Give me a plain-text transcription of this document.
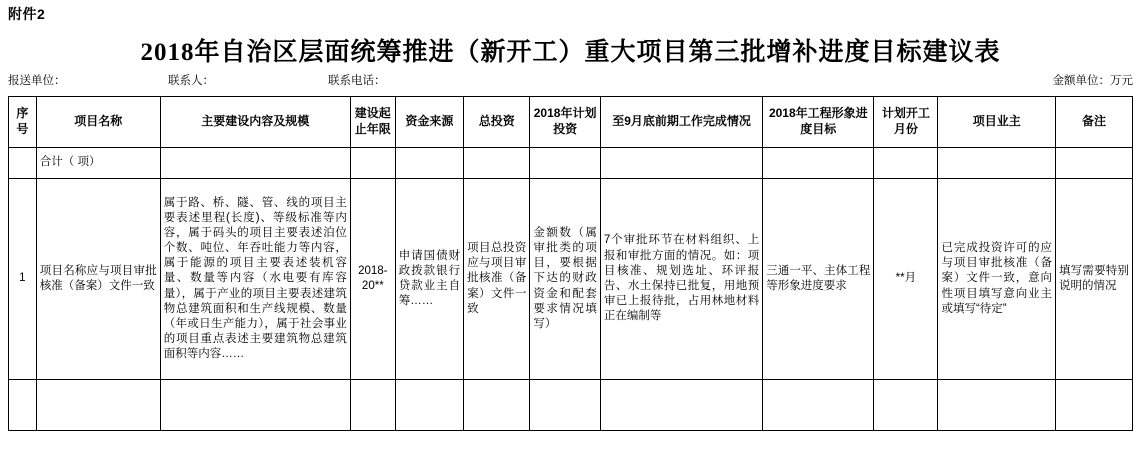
附件2
2018年自治区层面统筹推进（新开工）重大项目第三批增补进度目标建议表
报送单位：	联系人：	联系电话：	金额单位：万元
序号	项目名称	主要建设内容及规模	建设起止年限	资金来源	总投资	2018年计划投资	至9月底前期工作完成情况	2018年工程形象进度目标	计划开工月份	项目业主	备注
	合计（ 项）										
1	项目名称应与项目审批核准（备案）文件一致	属于路、桥、隧、管、线的项目主要表述里程(长度)、等级标准等内容，属于码头的项目主要表述泊位个数、吨位、年吞吐能力等内容，属于能源的项目主要表述装机容量、数量等内容（水电要有库容量），属于产业的项目主要表述建筑物总建筑面积和生产线规模、数量（年或日生产能力），属于社会事业的项目重点表述主要建筑物总建筑面积等内容……	2018-20**	申请国债财政拨款银行贷款业主自筹……	项目总投资应与项目审批核准（备案）文件一致	金额数（属审批类的项目，要根据下达的财政资金和配套要求情况填写）	7个审批环节在材料组织、上报和审批方面的情况。如：项目核准、规划选址、环评报告、水土保持已批复，用地预审已上报待批，占用林地材料正在编制等	三通一平、主体工程等形象进度要求	**月	已完成投资许可的应与项目审批核准（备案）文件一致，意向性项目填写意向业主或填写“待定”	填写需要特别说明的情况
